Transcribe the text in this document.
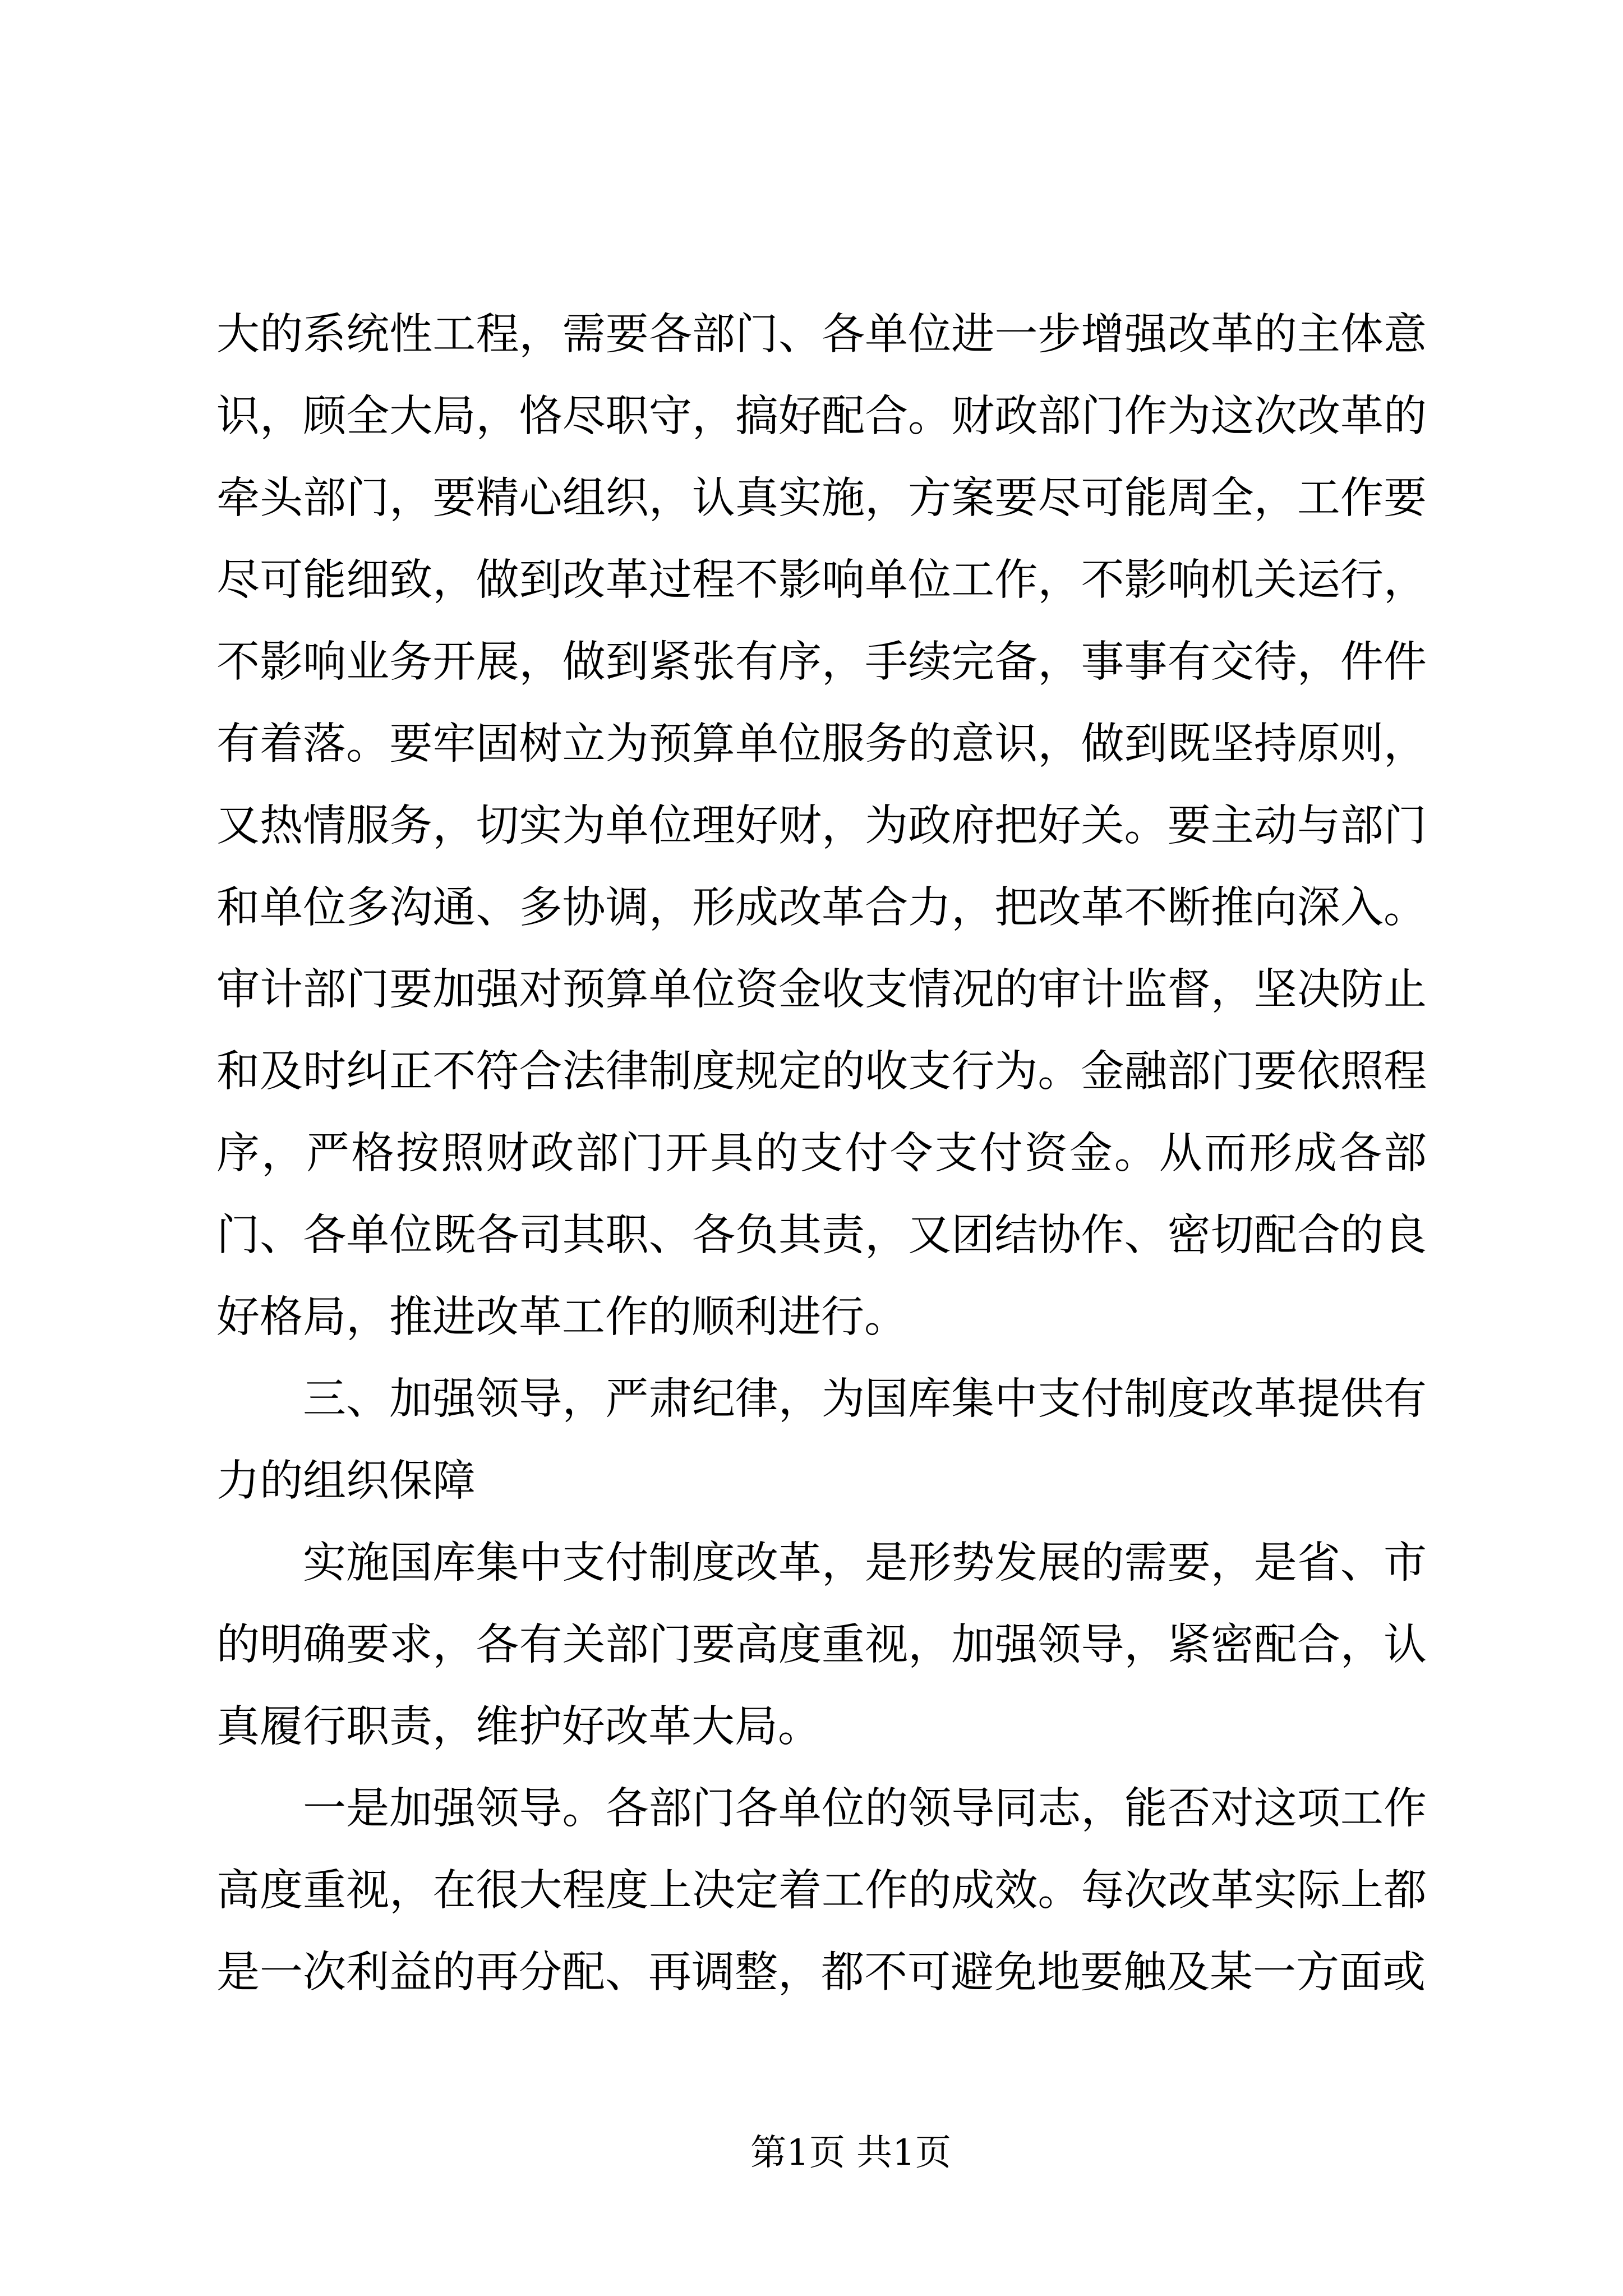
大的系统性工程，需要各部门、各单位进一步增强改革的主体意识，顾全大局，恪尽职守，搞好配合。财政部门作为这次改革的牵头部门，要精心组织，认真实施，方案要尽可能周全，工作要尽可能细致，做到改革过程不影响单位工作，不影响机关运行，不影响业务开展，做到紧张有序，手续完备，事事有交待，件件有着落。要牢固树立为预算单位服务的意识，做到既坚持原则，又热情服务，切实为单位理好财，为政府把好关。要主动与部门和单位多沟通、多协调，形成改革合力，把改革不断推向深入。审计部门要加强对预算单位资金收支情况的审计监督，坚决防止和及时纠正不符合法律制度规定的收支行为。金融部门要依照程序，严格按照财政部门开具的支付令支付资金。从而形成各部门、各单位既各司其职、各负其责，又团结协作、密切配合的良好格局，推进改革工作的顺利进行。

三、加强领导，严肃纪律，为国库集中支付制度改革提供有力的组织保障

实施国库集中支付制度改革，是形势发展的需要，是省、市的明确要求，各有关部门要高度重视，加强领导，紧密配合，认真履行职责，维护好改革大局。

一是加强领导。各部门各单位的领导同志，能否对这项工作高度重视，在很大程度上决定着工作的成效。每次改革实际上都是一次利益的再分配、再调整，都不可避免地要触及某一方面或

第1页 共1页
